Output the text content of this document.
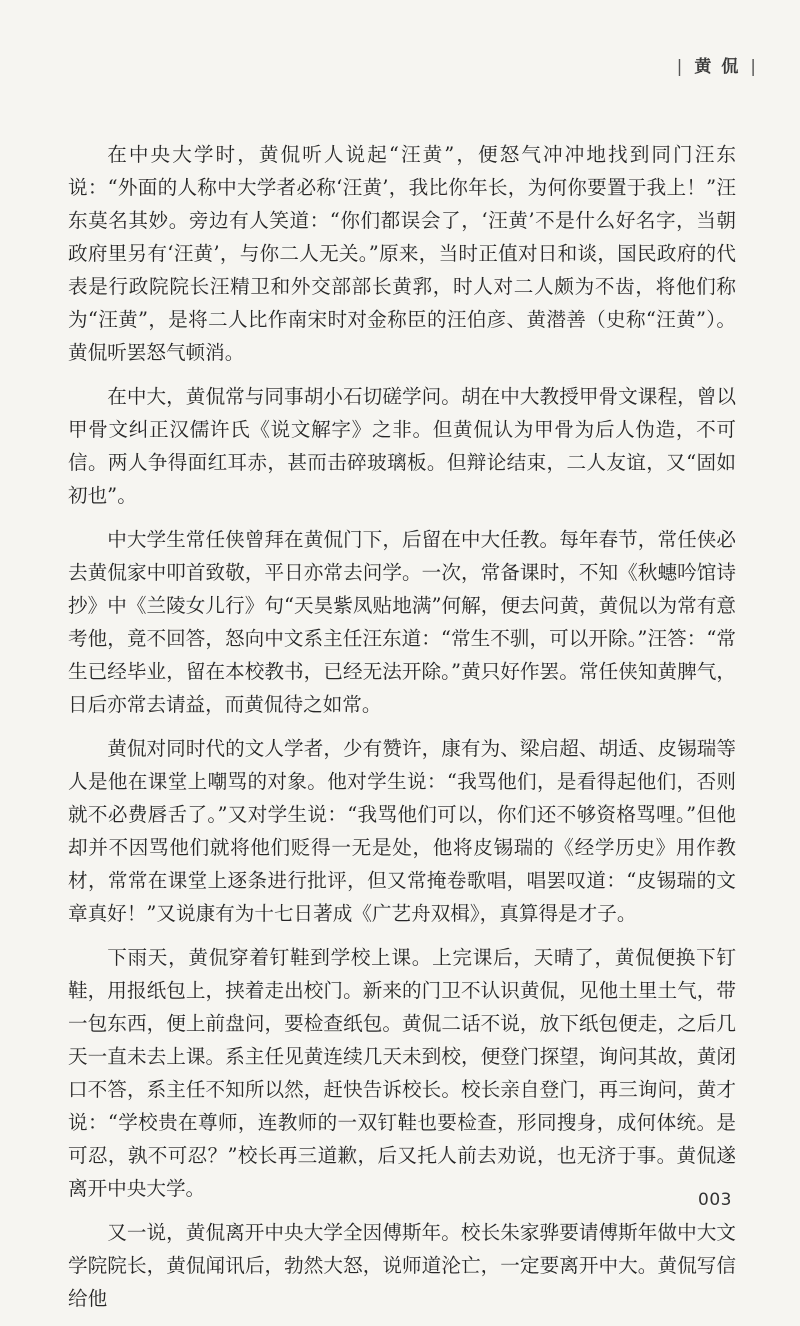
| 黄 侃 |

在中央大学时，黄侃听人说起“汪黄”，便怒气冲冲地找到同门汪东说：“外面的人称中大学者必称‘汪黄’，我比你年长，为何你要置于我上！”汪东莫名其妙。旁边有人笑道：“你们都误会了，‘汪黄’不是什么好名字，当朝政府里另有‘汪黄’，与你二人无关。”原来，当时正值对日和谈，国民政府的代表是行政院院长汪精卫和外交部部长黄郛，时人对二人颇为不齿，将他们称为“汪黄”，是将二人比作南宋时对金称臣的汪伯彦、黄潜善（史称“汪黄”）。黄侃听罢怒气顿消。

在中大，黄侃常与同事胡小石切磋学问。胡在中大教授甲骨文课程，曾以甲骨文纠正汉儒许氏《说文解字》之非。但黄侃认为甲骨为后人伪造，不可信。两人争得面红耳赤，甚而击碎玻璃板。但辩论结束，二人友谊，又“固如初也”。

中大学生常任侠曾拜在黄侃门下，后留在中大任教。每年春节，常任侠必去黄侃家中叩首致敬，平日亦常去问学。一次，常备课时，不知《秋蟪吟馆诗抄》中《兰陵女儿行》句“天昊紫凤贴地满”何解，便去问黄，黄侃以为常有意考他，竟不回答，怒向中文系主任汪东道：“常生不驯，可以开除。”汪答：“常生已经毕业，留在本校教书，已经无法开除。”黄只好作罢。常任侠知黄脾气，日后亦常去请益，而黄侃待之如常。

黄侃对同时代的文人学者，少有赞许，康有为、梁启超、胡适、皮锡瑞等人是他在课堂上嘲骂的对象。他对学生说：“我骂他们，是看得起他们，否则就不必费唇舌了。”又对学生说：“我骂他们可以，你们还不够资格骂哩。”但他却并不因骂他们就将他们贬得一无是处，他将皮锡瑞的《经学历史》用作教材，常常在课堂上逐条进行批评，但又常掩卷歌唱，唱罢叹道：“皮锡瑞的文章真好！”又说康有为十七日著成《广艺舟双楫》，真算得是才子。

下雨天，黄侃穿着钉鞋到学校上课。上完课后，天晴了，黄侃便换下钉鞋，用报纸包上，挟着走出校门。新来的门卫不认识黄侃，见他土里土气，带一包东西，便上前盘问，要检查纸包。黄侃二话不说，放下纸包便走，之后几天一直未去上课。系主任见黄连续几天未到校，便登门探望，询问其故，黄闭口不答，系主任不知所以然，赶快告诉校长。校长亲自登门，再三询问，黄才说：“学校贵在尊师，连教师的一双钉鞋也要检查，形同搜身，成何体统。是可忍，孰不可忍？”校长再三道歉，后又托人前去劝说，也无济于事。黄侃遂离开中央大学。

又一说，黄侃离开中央大学全因傅斯年。校长朱家骅要请傅斯年做中大文学院院长，黄侃闻讯后，勃然大怒，说师道沦亡，一定要离开中大。黄侃写信给他

003
